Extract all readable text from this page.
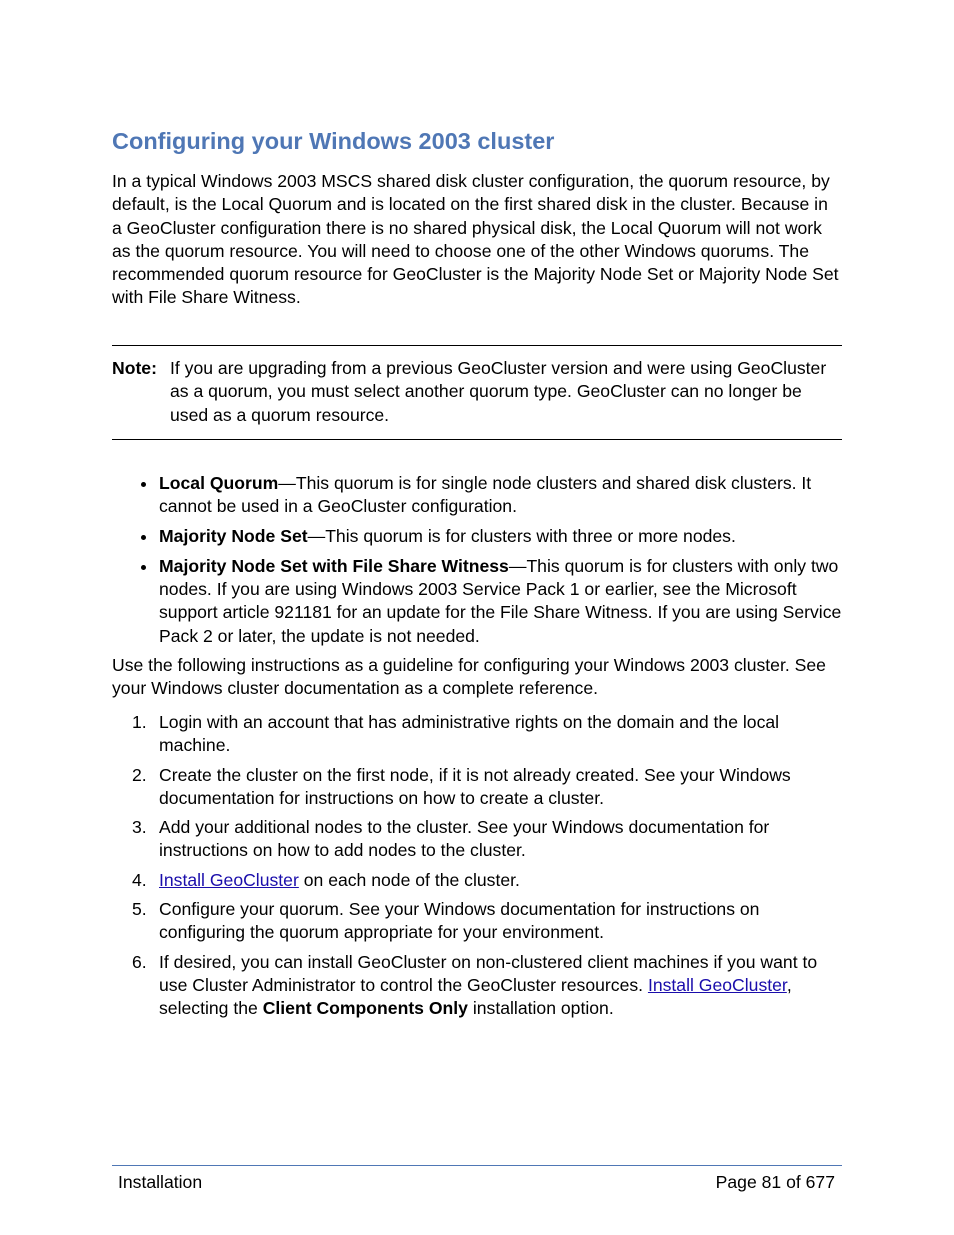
Configuring your Windows 2003 cluster

In a typical Windows 2003 MSCS shared disk cluster configuration, the quorum resource, by default, is the Local Quorum and is located on the first shared disk in the cluster. Because in a GeoCluster configuration there is no shared physical disk, the Local Quorum will not work as the quorum resource. You will need to choose one of the other Windows quorums. The recommended quorum resource for GeoCluster is the Majority Node Set or Majority Node Set with File Share Witness.

Note: If you are upgrading from a previous GeoCluster version and were using GeoCluster as a quorum, you must select another quorum type. GeoCluster can no longer be used as a quorum resource.
Local Quorum—This quorum is for single node clusters and shared disk clusters. It cannot be used in a GeoCluster configuration.
Majority Node Set—This quorum is for clusters with three or more nodes.
Majority Node Set with File Share Witness—This quorum is for clusters with only two nodes. If you are using Windows 2003 Service Pack 1 or earlier, see the Microsoft support article 921181 for an update for the File Share Witness. If you are using Service Pack 2 or later, the update is not needed.

Use the following instructions as a guideline for configuring your Windows 2003 cluster. See your Windows cluster documentation as a complete reference.

1. Login with an account that has administrative rights on the domain and the local machine.
2. Create the cluster on the first node, if it is not already created. See your Windows documentation for instructions on how to create a cluster.
3. Add your additional nodes to the cluster. See your Windows documentation for instructions on how to add nodes to the cluster.
4. Install GeoCluster on each node of the cluster.
5. Configure your quorum. See your Windows documentation for instructions on configuring the quorum appropriate for your environment.
6. If desired, you can install GeoCluster on non-clustered client machines if you want to use Cluster Administrator to control the GeoCluster resources. Install GeoCluster, selecting the Client Components Only installation option.
Installation	Page 81 of 677
